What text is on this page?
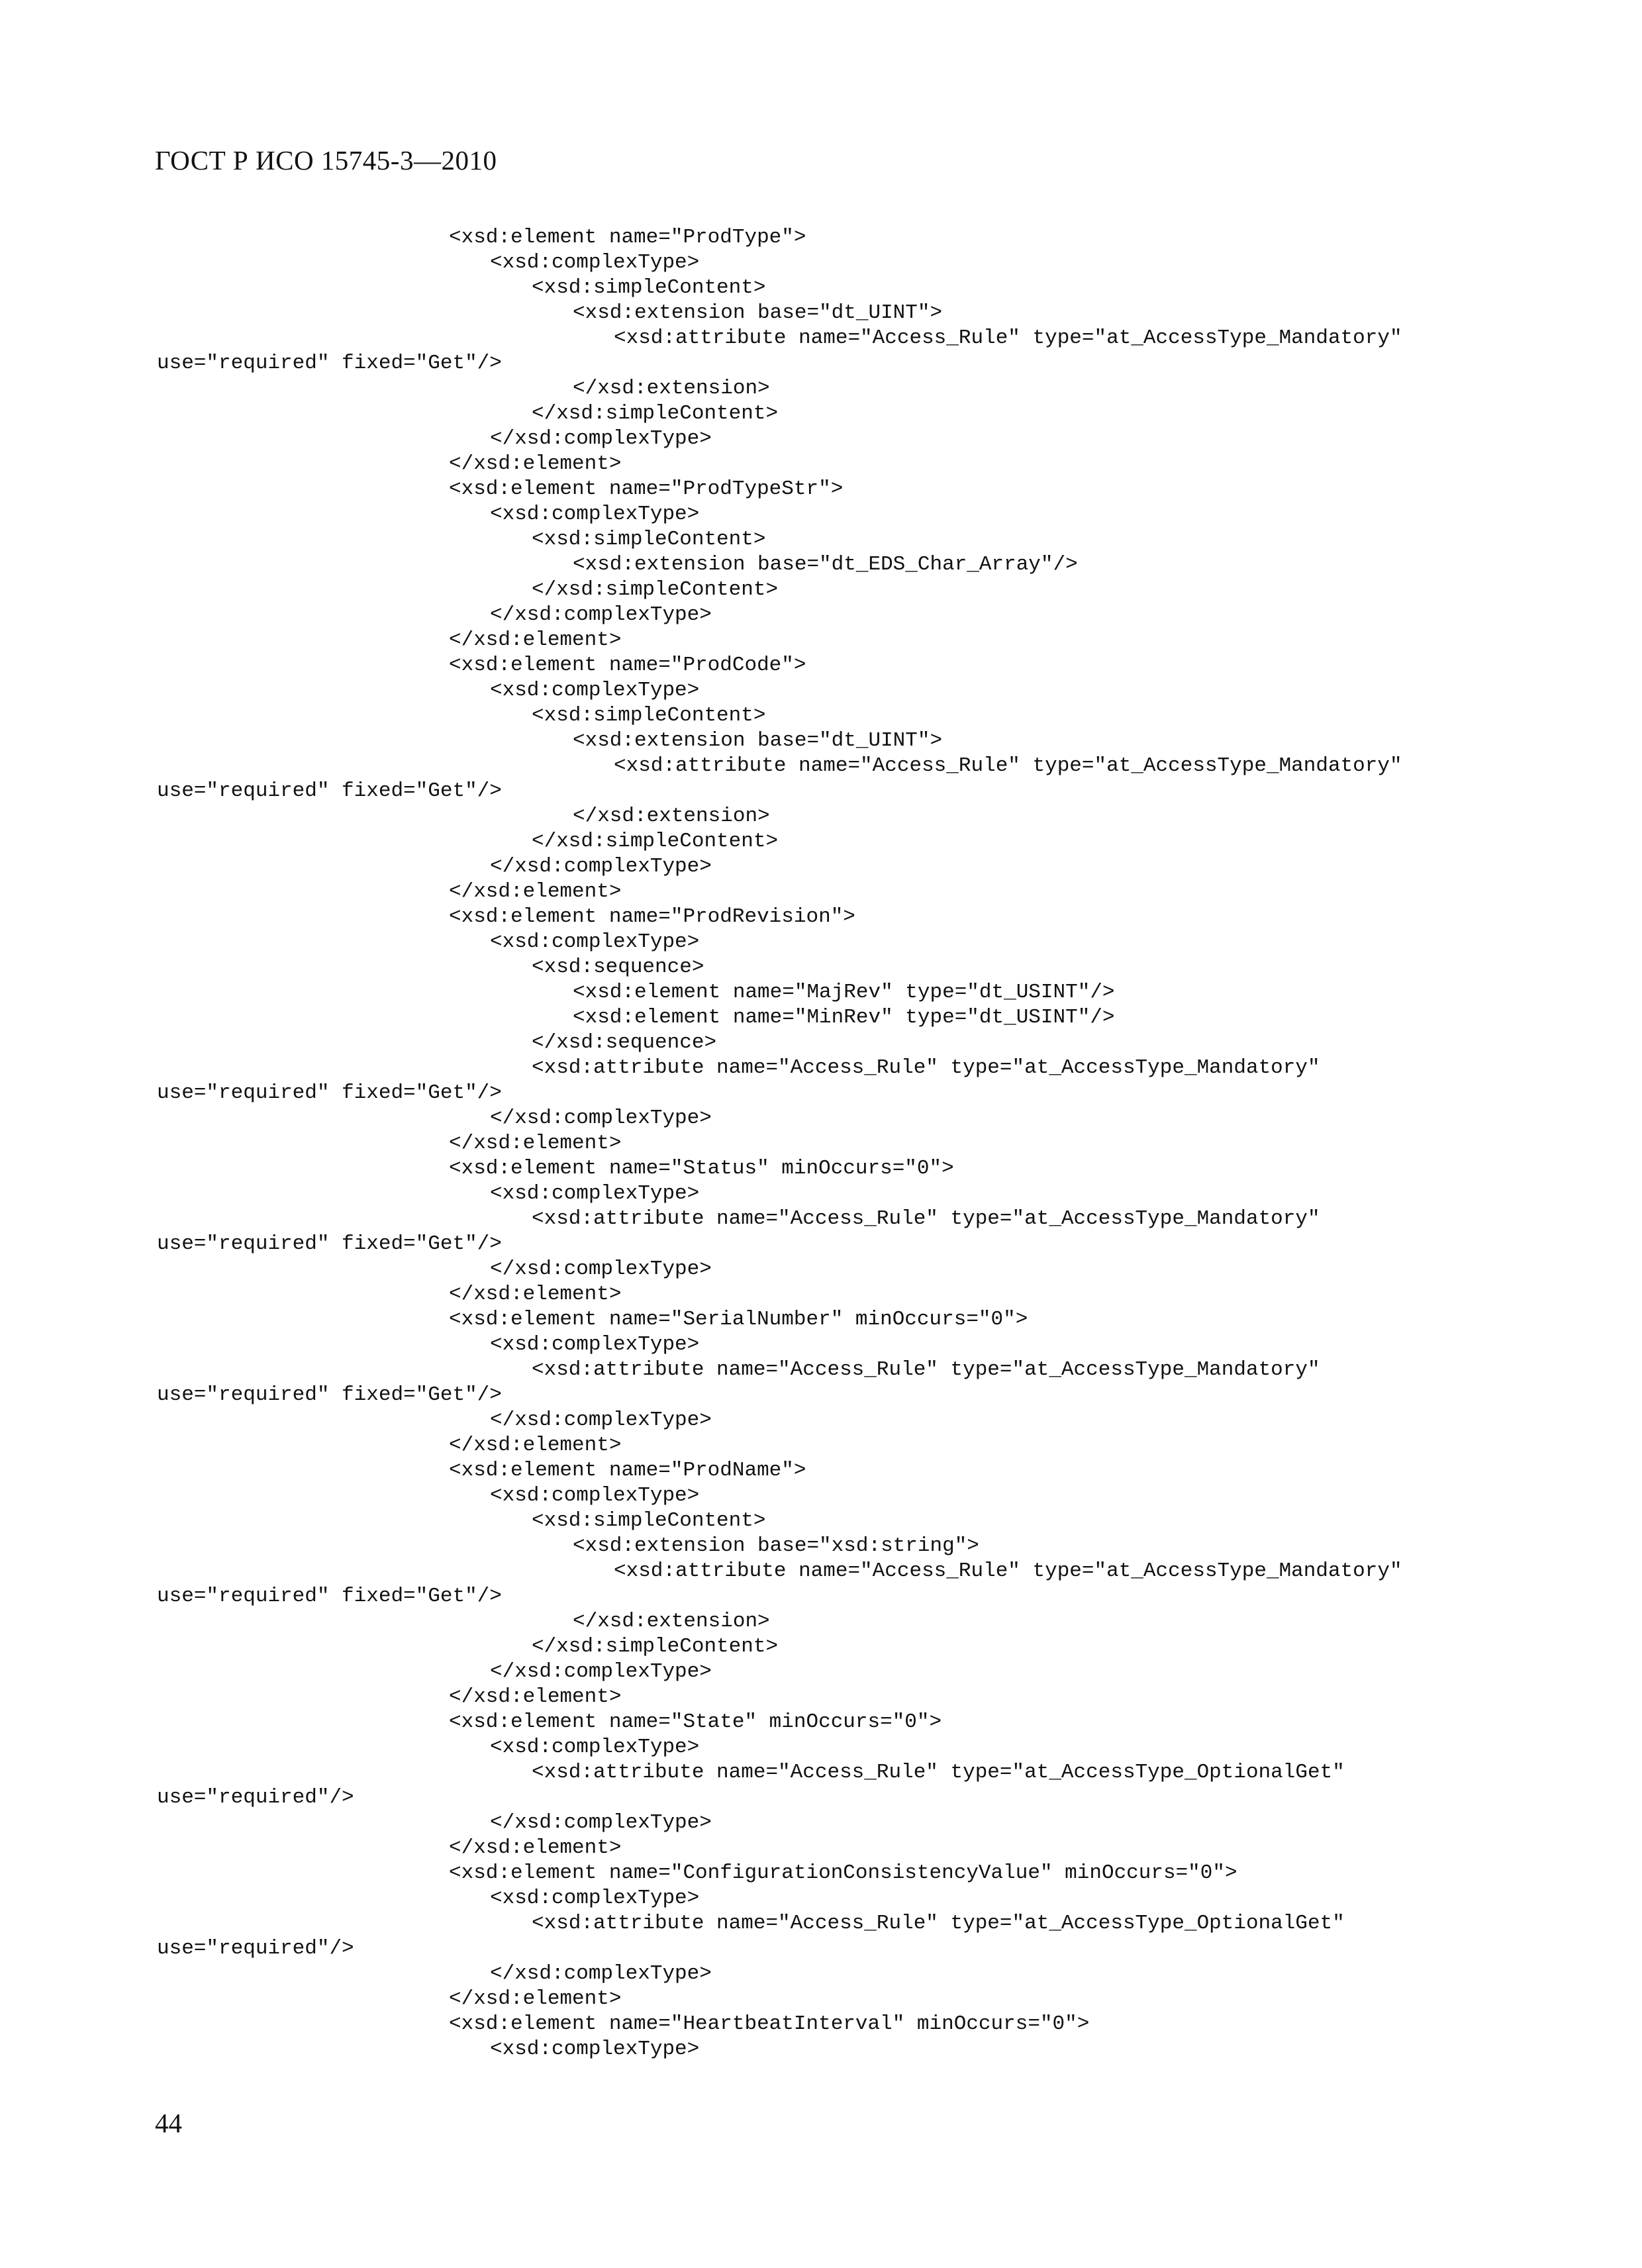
ГОСТ Р ИСО 15745-3—2010
<xsd:element name="ProdType">
<xsd:complexType>
<xsd:simpleContent>
<xsd:extension base="dt_UINT">
<xsd:attribute name="Access_Rule" type="at_AccessType_Mandatory"
use="required" fixed="Get"/>
</xsd:extension>
</xsd:simpleContent>
</xsd:complexType>
</xsd:element>
<xsd:element name="ProdTypeStr">
<xsd:complexType>
<xsd:simpleContent>
<xsd:extension base="dt_EDS_Char_Array"/>
</xsd:simpleContent>
</xsd:complexType>
</xsd:element>
<xsd:element name="ProdCode">
<xsd:complexType>
<xsd:simpleContent>
<xsd:extension base="dt_UINT">
<xsd:attribute name="Access_Rule" type="at_AccessType_Mandatory"
use="required" fixed="Get"/>
</xsd:extension>
</xsd:simpleContent>
</xsd:complexType>
</xsd:element>
<xsd:element name="ProdRevision">
<xsd:complexType>
<xsd:sequence>
<xsd:element name="MajRev" type="dt_USINT"/>
<xsd:element name="MinRev" type="dt_USINT"/>
</xsd:sequence>
<xsd:attribute name="Access_Rule" type="at_AccessType_Mandatory"
use="required" fixed="Get"/>
</xsd:complexType>
</xsd:element>
<xsd:element name="Status" minOccurs="0">
<xsd:complexType>
<xsd:attribute name="Access_Rule" type="at_AccessType_Mandatory"
use="required" fixed="Get"/>
</xsd:complexType>
</xsd:element>
<xsd:element name="SerialNumber" minOccurs="0">
<xsd:complexType>
<xsd:attribute name="Access_Rule" type="at_AccessType_Mandatory"
use="required" fixed="Get"/>
</xsd:complexType>
</xsd:element>
<xsd:element name="ProdName">
<xsd:complexType>
<xsd:simpleContent>
<xsd:extension base="xsd:string">
<xsd:attribute name="Access_Rule" type="at_AccessType_Mandatory"
use="required" fixed="Get"/>
</xsd:extension>
</xsd:simpleContent>
</xsd:complexType>
</xsd:element>
<xsd:element name="State" minOccurs="0">
<xsd:complexType>
<xsd:attribute name="Access_Rule" type="at_AccessType_OptionalGet"
use="required"/>
</xsd:complexType>
</xsd:element>
<xsd:element name="ConfigurationConsistencyValue" minOccurs="0">
<xsd:complexType>
<xsd:attribute name="Access_Rule" type="at_AccessType_OptionalGet"
use="required"/>
</xsd:complexType>
</xsd:element>
<xsd:element name="HeartbeatInterval" minOccurs="0">
<xsd:complexType>

44
